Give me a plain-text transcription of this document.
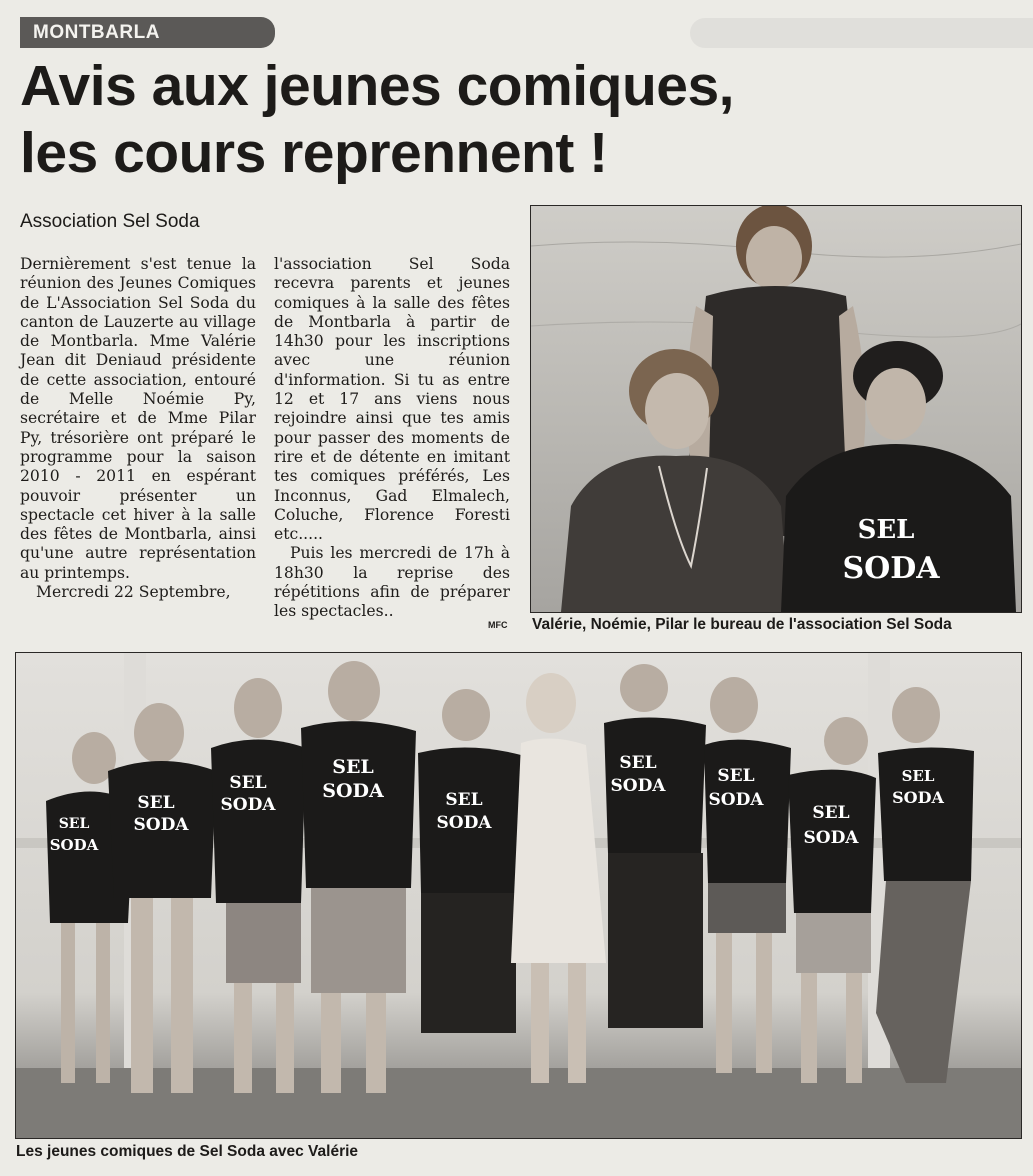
MONTBARLA
Avis aux jeunes comiques,
les cours reprennent !
Association Sel Soda

Dernièrement s'est tenue la réunion des Jeunes Comiques de L'Association Sel Soda du canton de Lauzerte au village de Montbarla. Mme Valérie Jean dit Deniaud présidente de cette association, entouré de Melle Noémie Py, secrétaire et de Mme Pilar Py, trésorière ont préparé le programme pour la saison 2010 - 2011 en espérant pouvoir présenter un spectacle cet hiver à la salle des fêtes de Montbarla, ainsi qu'une autre représentation au printemps.

Mercredi 22 Septembre,

l'association Sel Soda recevra parents et jeunes comiques à la salle des fêtes de Montbarla à partir de 14h30 pour les inscriptions avec une réunion d'information. Si tu as entre 12 et 17 ans viens nous rejoindre ainsi que tes amis pour passer des moments de rire et de détente en imitant tes comiques préférés, Les Inconnus, Gad Elmalech, Coluche, Florence Foresti etc.....

Puis les mercredi de 17h à 18h30 la reprise des répétitions afin de préparer les spectacles..

MFC
SEL
SODA
Valérie, Noémie, Pilar le bureau de l'association Sel Soda
SEL
SODA
SEL
SODA
SEL
SODA
SEL
SODA	SEL
SODA
SEL
SODA	SEL
SODA
SEL
SODA
SEL
SODA
Les jeunes comiques de Sel Soda avec Valérie
